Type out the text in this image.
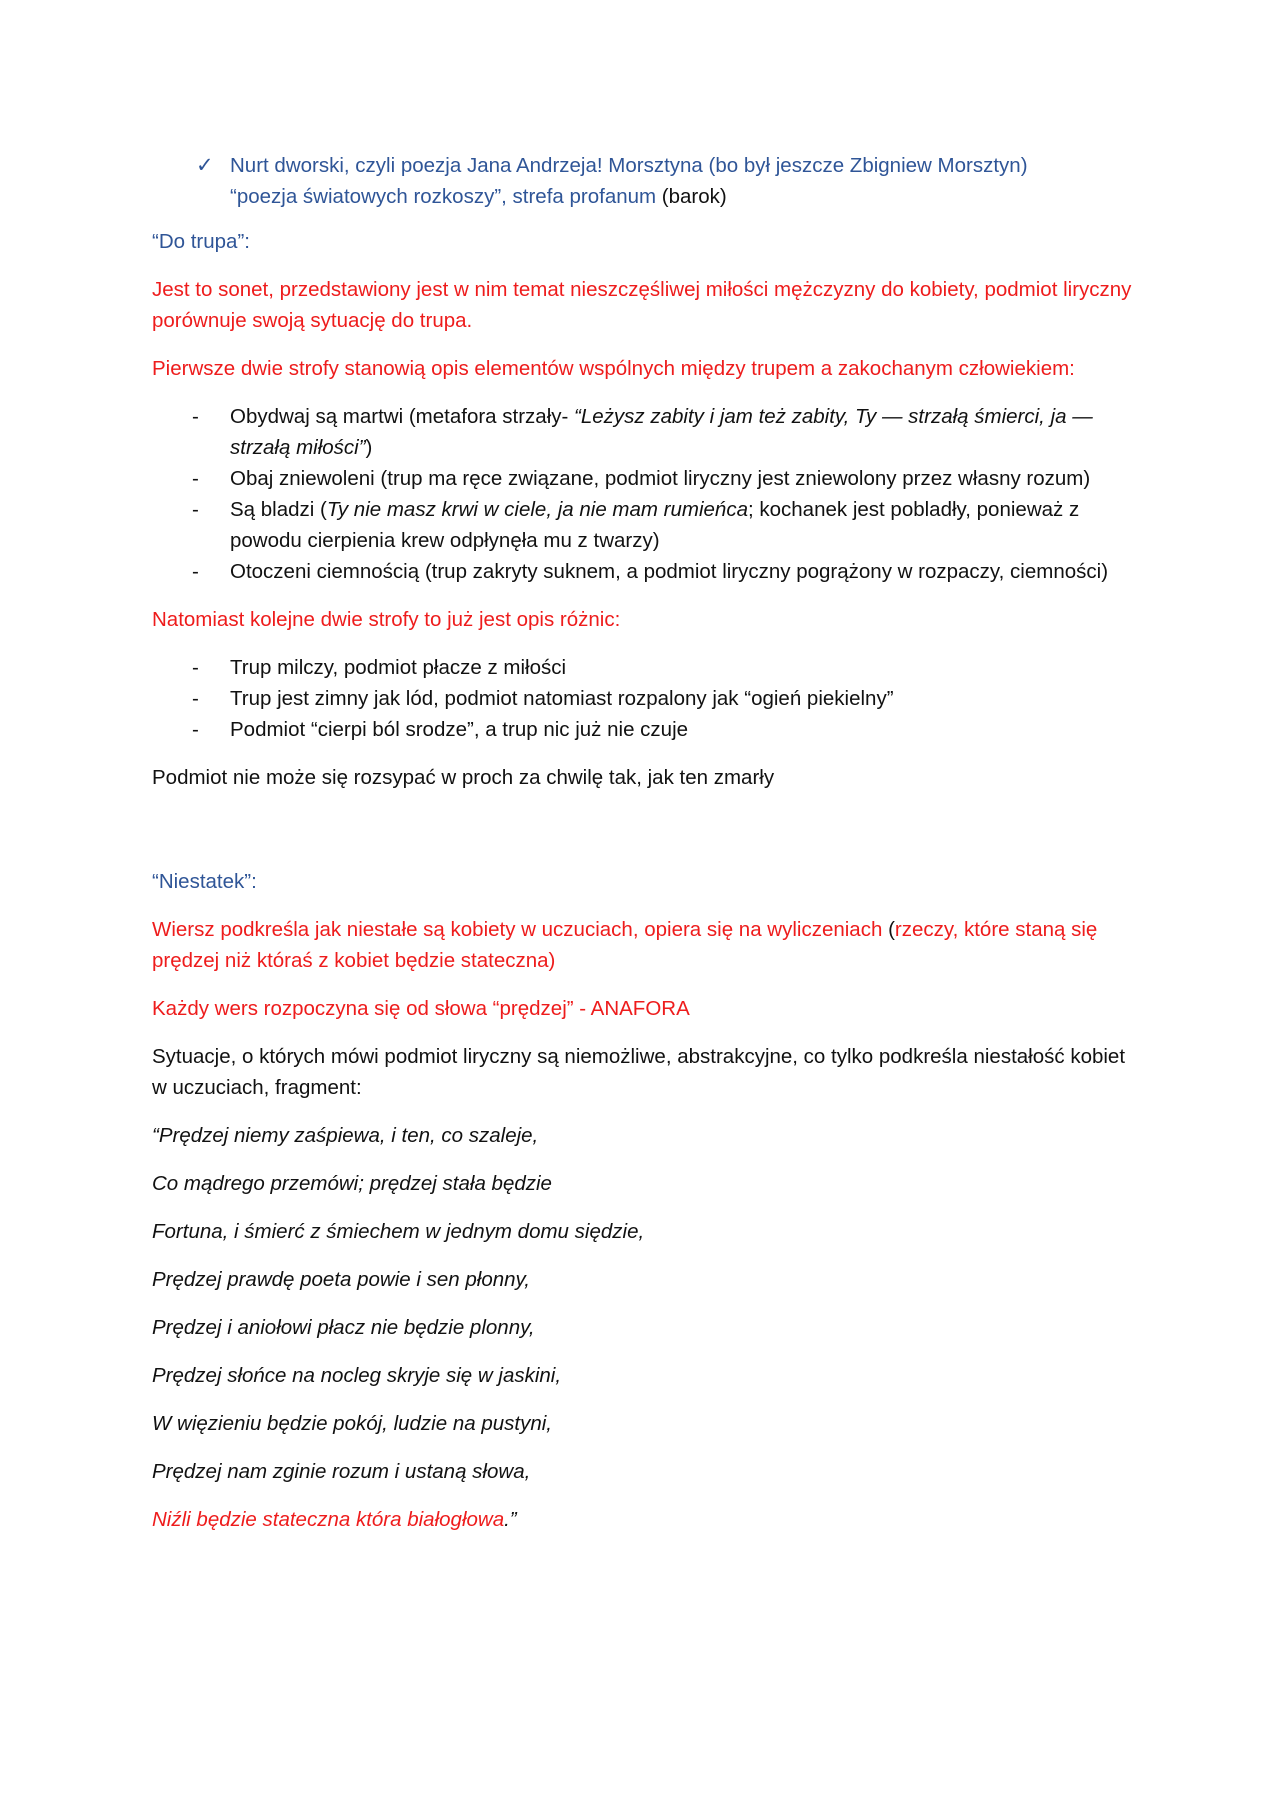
✓ Nurt dworski, czyli poezja Jana Andrzeja! Morsztyna (bo był jeszcze Zbigniew Morsztyn)

“poezja światowych rozkoszy”, strefa profanum (barok)

“Do trupa”:

Jest to sonet, przedstawiony jest w nim temat nieszczęśliwej miłości mężczyzny do kobiety, podmiot liryczny porównuje swoją sytuację do trupa.

Pierwsze dwie strofy stanowią opis elementów wspólnych między trupem a zakochanym człowiekiem:

- Obydwaj są martwi (metafora strzały- “Leżysz zabity i jam też zabity, Ty — strzałą śmierci, ja — strzałą miłości”)
- Obaj zniewoleni (trup ma ręce związane, podmiot liryczny jest zniewolony przez własny rozum)
- Są bladzi (Ty nie masz krwi w ciele, ja nie mam rumieńca; kochanek jest pobladły, ponieważ z powodu cierpienia krew odpłynęła mu z twarzy)
- Otoczeni ciemnością (trup zakryty suknem, a podmiot liryczny pogrążony w rozpaczy, ciemności)

Natomiast kolejne dwie strofy to już jest opis różnic:

- Trup milczy, podmiot płacze z miłości
- Trup jest zimny jak lód, podmiot natomiast rozpalony jak “ogień piekielny”
- Podmiot “cierpi ból srodze”, a trup nic już nie czuje

Podmiot nie może się rozsypać w proch za chwilę tak, jak ten zmarły

“Niestatek”:

Wiersz podkreśla jak niestałe są kobiety w uczuciach, opiera się na wyliczeniach (rzeczy, które staną się prędzej niż któraś z kobiet będzie stateczna)

Każdy wers rozpoczyna się od słowa “prędzej” - ANAFORA

Sytuacje, o których mówi podmiot liryczny są niemożliwe, abstrakcyjne, co tylko podkreśla niestałość kobiet w uczuciach, fragment:

“Prędzej niemy zaśpiewa, i ten, co szaleje,

Co mądrego przemówi; prędzej stała będzie

Fortuna, i śmierć z śmiechem w jednym domu siędzie,

Prędzej prawdę poeta powie i sen płonny,

Prędzej i aniołowi płacz nie będzie plonny,

Prędzej słońce na nocleg skryje się w jaskini,

W więzieniu będzie pokój, ludzie na pustyni,

Prędzej nam zginie rozum i ustaną słowa,

Niźli będzie stateczna która białogłowa.”
